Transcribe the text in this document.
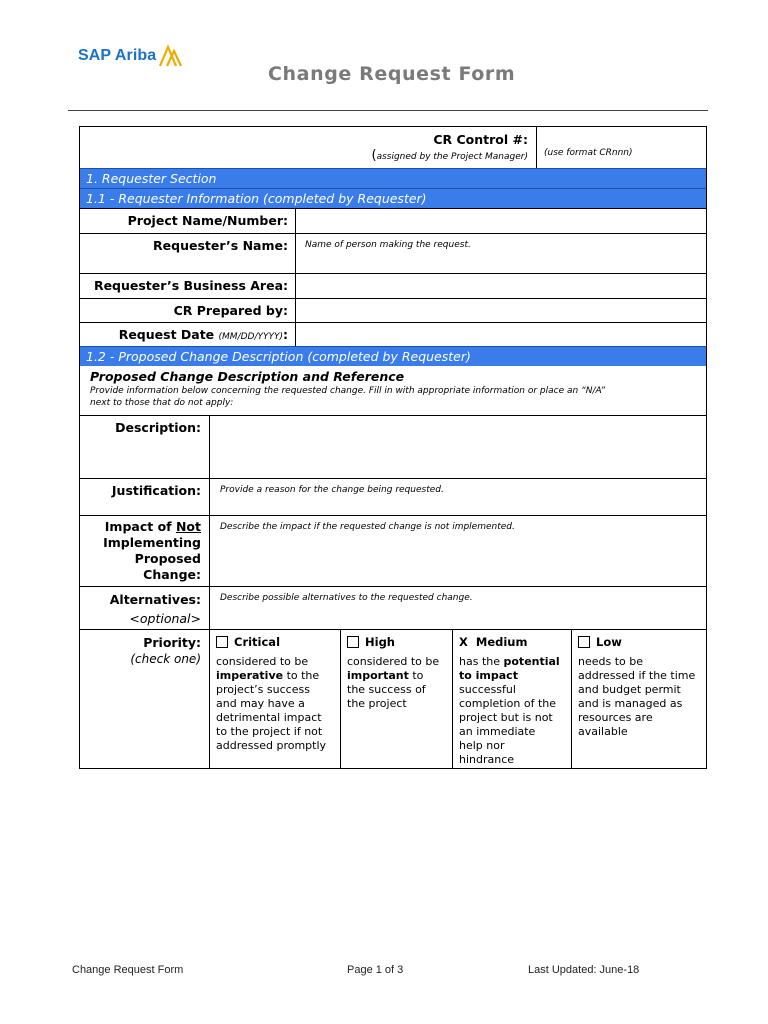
SAP Ariba
Change Request Form
CR Control #:
(assigned by the Project Manager) (use format CRnnn)
1. Requester Section
1.1 - Requester Information (completed by Requester)
Project Name/Number:
Requester’s Name: Name of person making the request.
Requester’s Business Area:
CR Prepared by:
Request Date (MM/DD/YYYY):
1.2 - Proposed Change Description (completed by Requester)
Proposed Change Description and Reference
Provide information below concerning the requested change. Fill in with appropriate information or place an “N/A”
next to those that do not apply:
Description:
Justification: Provide a reason for the change being requested.
Impact of Not
Implementing
Proposed
Change:
Describe the impact if the requested change is not implemented.
Alternatives:
<optional>
Describe possible alternatives to the requested change.
Priority:
(check one)
Critical
considered to be
imperative to the
project’s success
and may have a
detrimental impact
to the project if not
addressed promptly
High
considered to be
important to
the success of
the project
X Medium
has the potential
to impact
successful
completion of the
project but is not
an immediate
help nor
hindrance
Low
needs to be
addressed if the time
and budget permit
and is managed as
resources are
available
Change Request Form	Page 1 of 3	Last Updated: June-18
